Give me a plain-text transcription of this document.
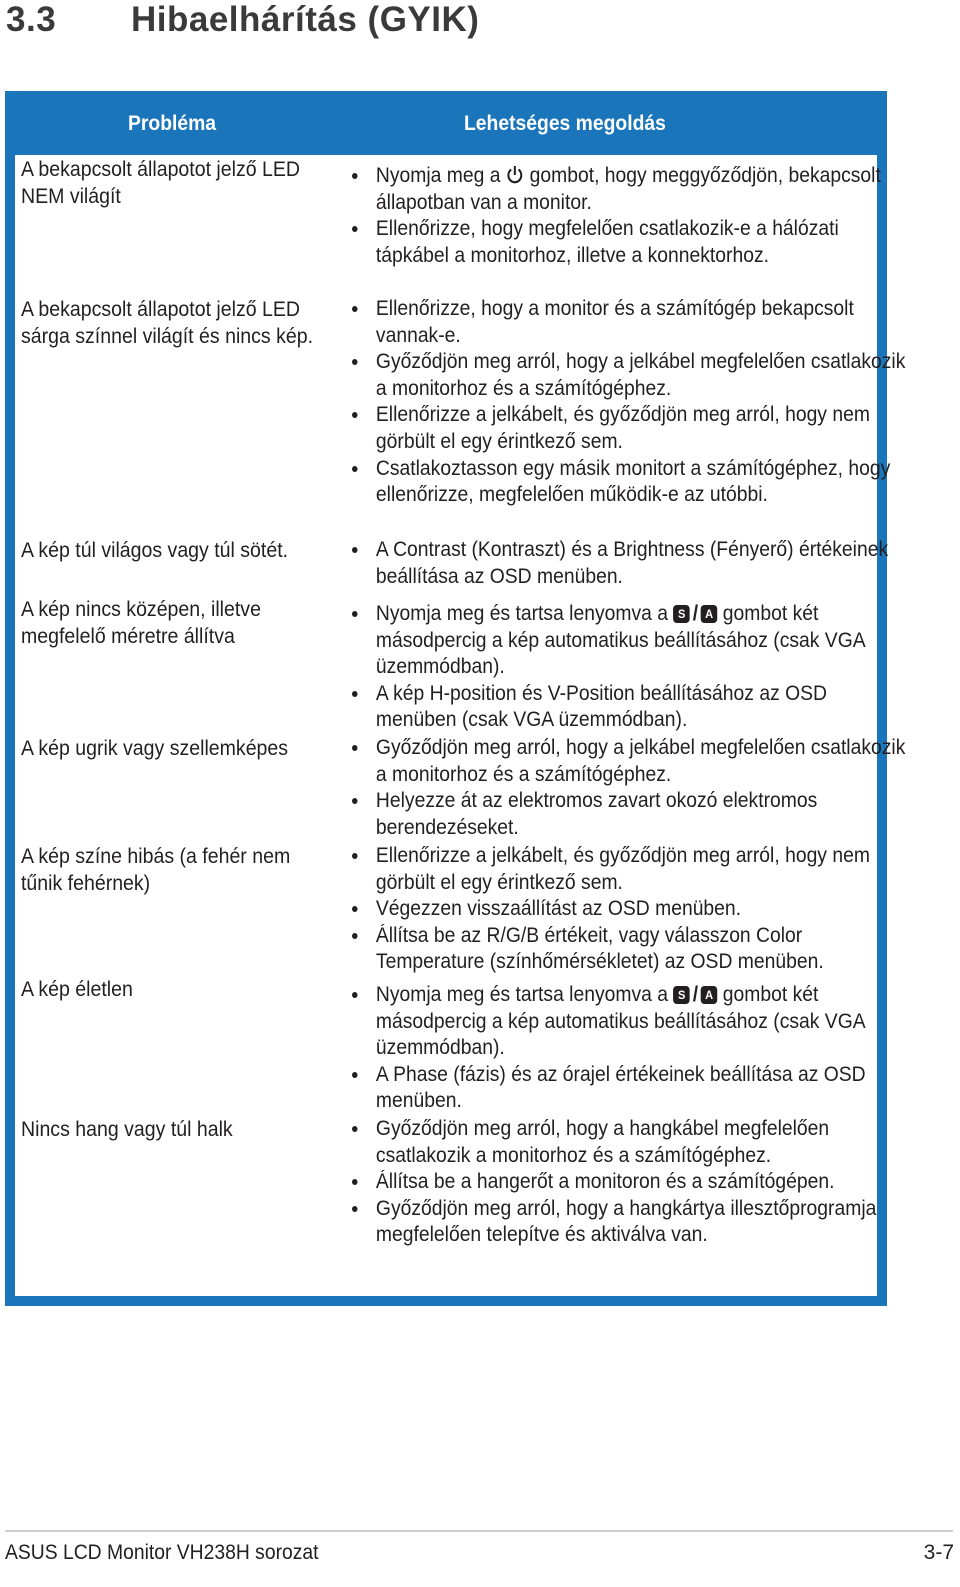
3.3 Hibaelhárítás (GYIK)
Probléma	Lehetséges megoldás
A bekapcsolt állapotot jelző LED NEM világít
A bekapcsolt állapotot jelző LED sárga színnel világít és nincs kép.
A kép túl világos vagy túl sötét.
A kép nincs középen, illetve megfelelő méretre állítva
A kép ugrik vagy szellemképes
A kép színe hibás (a fehér nem tűnik fehérnek)
A kép életlen
Nincs hang vagy túl halk
Nyomja meg a gombot, hogy meggyőződjön, bekapcsolt állapotban van a monitor.
Ellenőrizze, hogy megfelelően csatlakozik-e a hálózati tápkábel a monitorhoz, illetve a konnektorhoz.
Ellenőrizze, hogy a monitor és a számítógép bekapcsolt vannak-e.
Győződjön meg arról, hogy a jelkábel megfelelően csatlakozik a monitorhoz és a számítógéphez.
Ellenőrizze a jelkábelt, és győződjön meg arról, hogy nem görbült el egy érintkező sem.
Csatlakoztasson egy másik monitort a számítógéphez, hogy ellenőrizze, megfelelően működik-e az utóbbi.
A Contrast (Kontraszt) és a Brightness (Fényerő) értékeinek beállítása az OSD menüben.
Nyomja meg és tartsa lenyomva a S / A gombot két másodpercig a kép automatikus beállításához (csak VGA üzemmódban).
A kép H-position és V-Position beállításához az OSD menüben (csak VGA üzemmódban).
Győződjön meg arról, hogy a jelkábel megfelelően csatlakozik a monitorhoz és a számítógéphez.
Helyezze át az elektromos zavart okozó elektromos berendezéseket.
Ellenőrizze a jelkábelt, és győződjön meg arról, hogy nem görbült el egy érintkező sem.
Végezzen visszaállítást az OSD menüben.
Állítsa be az R/G/B értékeit, vagy válasszon Color Temperature (színhőmérsékletet) az OSD menüben.
Nyomja meg és tartsa lenyomva a S / A gombot két másodpercig a kép automatikus beállításához (csak VGA üzemmódban).
A Phase (fázis) és az órajel értékeinek beállítása az OSD menüben.
Győződjön meg arról, hogy a hangkábel megfelelően csatlakozik a monitorhoz és a számítógéphez.
Állítsa be a hangerőt a monitoron és a számítógépen.
Győződjön meg arról, hogy a hangkártya illesztőprogramja megfelelően telepítve és aktiválva van.
ASUS LCD Monitor VH238H sorozat	3-7
